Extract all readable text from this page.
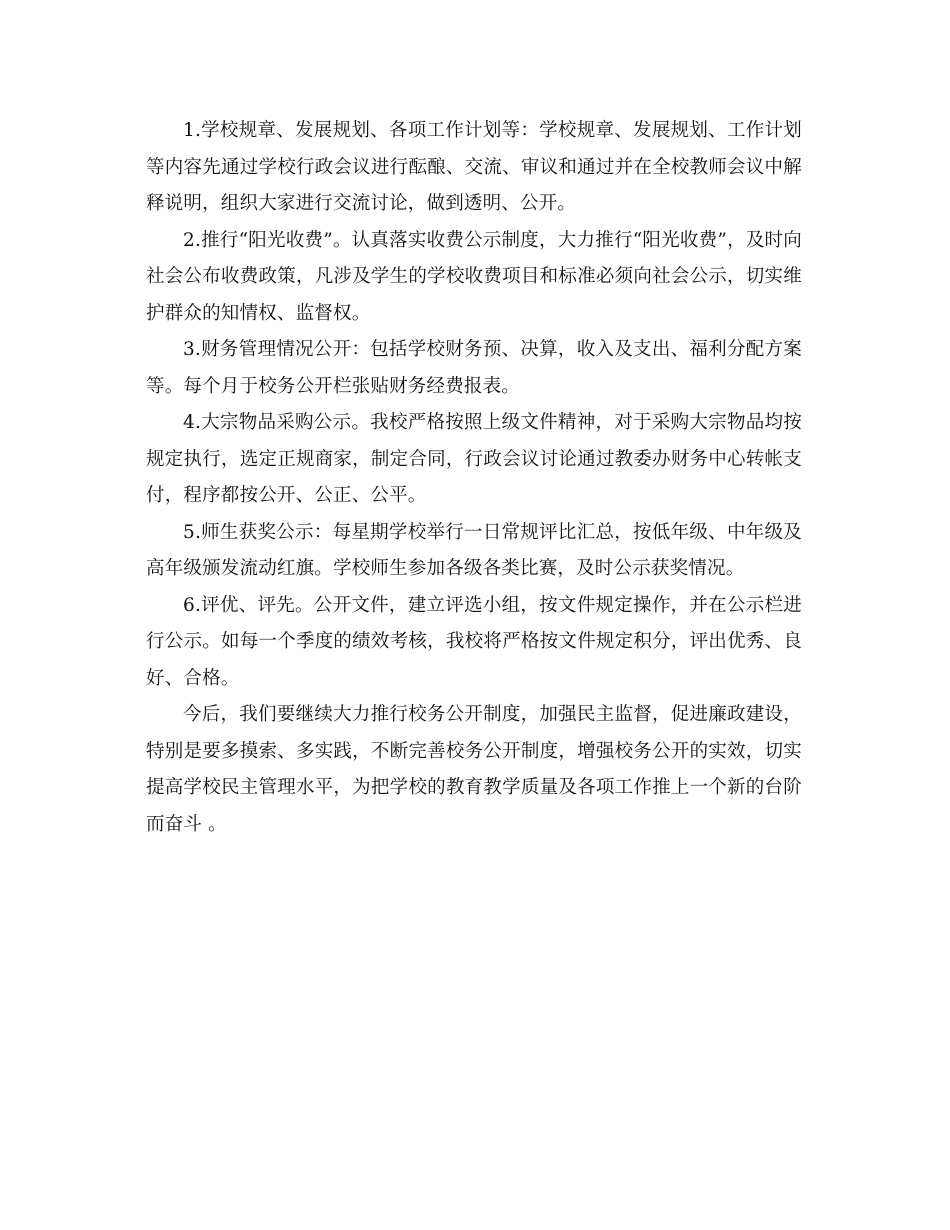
1.学校规章、发展规划、各项工作计划等：学校规章、发展规划、工作计划等内容先通过学校行政会议进行酝酿、交流、审议和通过并在全校教师会议中解释说明，组织大家进行交流讨论，做到透明、公开。

2.推行“阳光收费”。认真落实收费公示制度，大力推行“阳光收费”，及时向社会公布收费政策，凡涉及学生的学校收费项目和标准必须向社会公示，切实维护群众的知情权、监督权。

3.财务管理情况公开：包括学校财务预、决算，收入及支出、福利分配方案等。每个月于校务公开栏张贴财务经费报表。

4.大宗物品采购公示。我校严格按照上级文件精神，对于采购大宗物品均按规定执行，选定正规商家，制定合同，行政会议讨论通过教委办财务中心转帐支付，程序都按公开、公正、公平。

5.师生获奖公示：每星期学校举行一日常规评比汇总，按低年级、中年级及高年级颁发流动红旗。学校师生参加各级各类比赛，及时公示获奖情况。

6.评优、评先。公开文件，建立评选小组，按文件规定操作，并在公示栏进行公示。如每一个季度的绩效考核，我校将严格按文件规定积分，评出优秀、良好、合格。

今后，我们要继续大力推行校务公开制度，加强民主监督，促进廉政建设，特别是要多摸索、多实践，不断完善校务公开制度，增强校务公开的实效，切实提高学校民主管理水平，为把学校的教育教学质量及各项工作推上一个新的台阶而奋斗 。
